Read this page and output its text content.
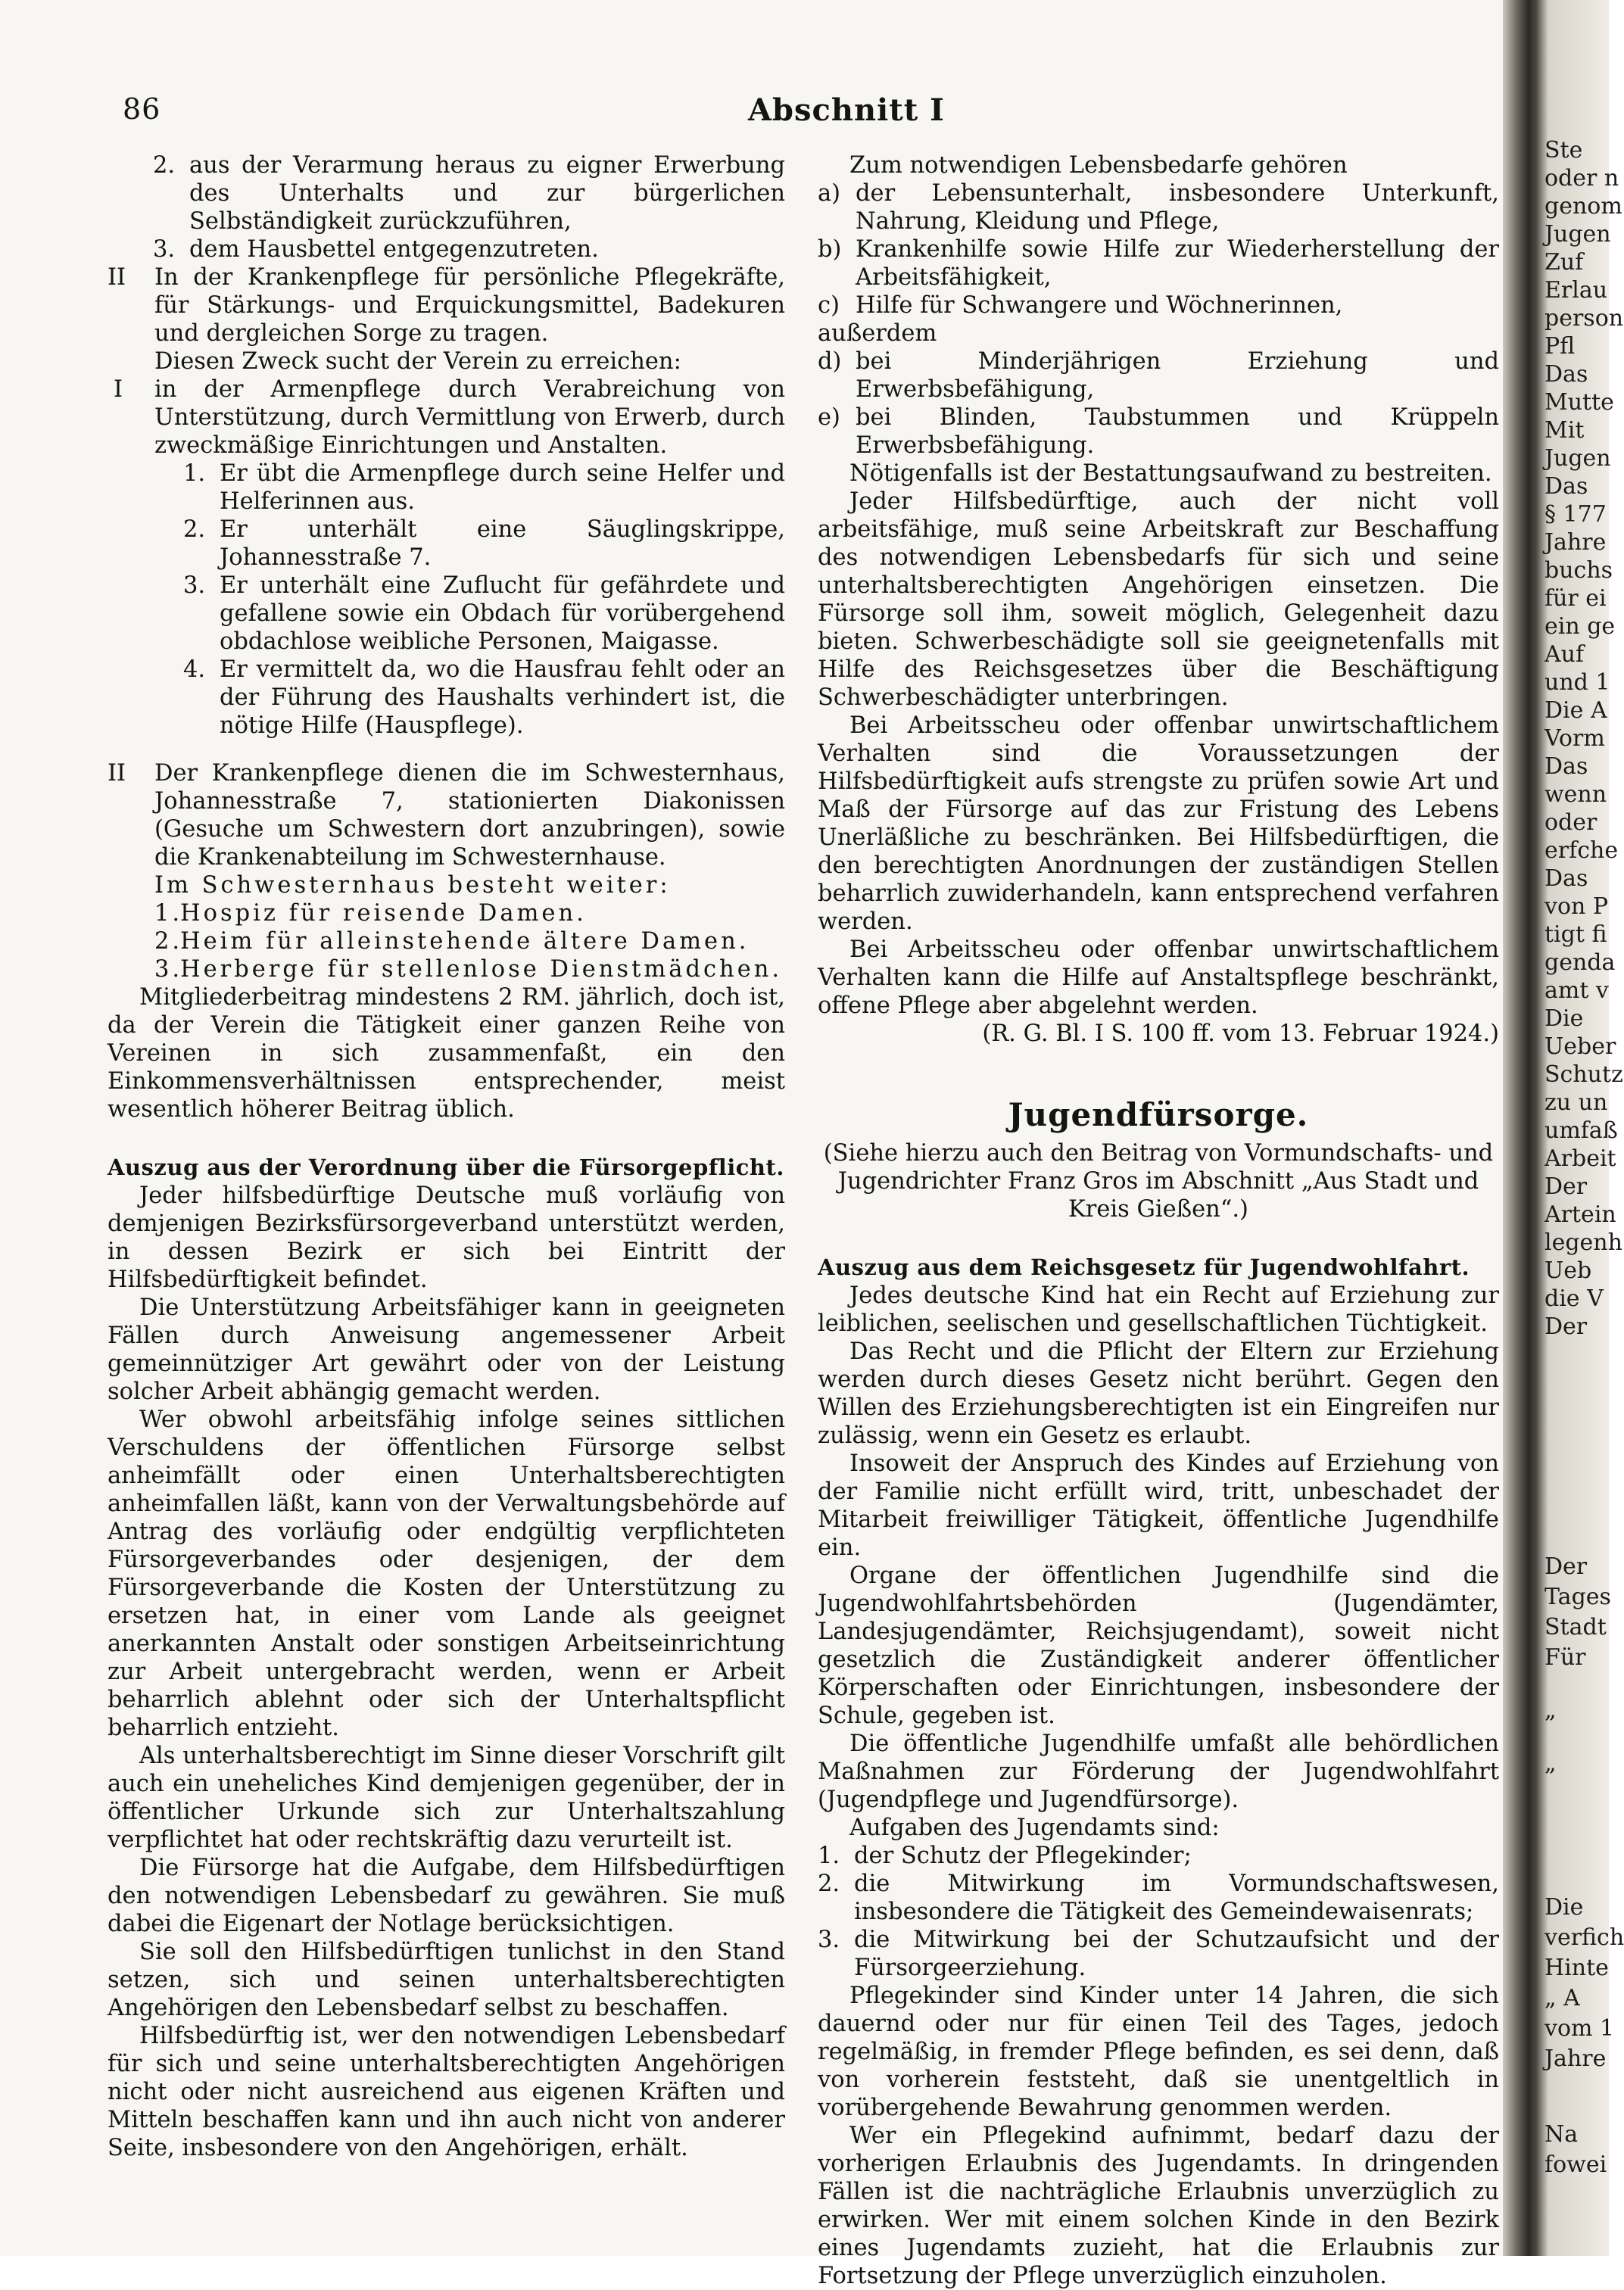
86	Abschnitt I
2. aus der Verarmung heraus zu eigner Erwerbung des Unterhalts und zur bürgerlichen Selbständigkeit zurückzuführen,
3. dem Hausbettel entgegenzutreten.
II	In der Krankenpflege für persönliche Pflegekräfte, für Stärkungs- und Erquickungsmittel, Badekuren und dergleichen Sorge zu tragen.

Diesen Zweck sucht der Verein zu erreichen:

I	in der Armenpflege durch Verabreichung von Unterstützung, durch Vermittlung von Erwerb, durch zweckmäßige Einrichtungen und Anstalten.
1. Er übt die Armenpflege durch seine Helfer und Helferinnen aus.
2. Er unterhält eine Säuglingskrippe, Johannesstraße 7.
3. Er unterhält eine Zuflucht für gefährdete und gefallene sowie ein Obdach für vorübergehend obdachlose weibliche Personen, Maigasse.
4. Er vermittelt da, wo die Hausfrau fehlt oder an der Führung des Haushalts verhindert ist, die nötige Hilfe (Hauspflege).
II	Der Krankenpflege dienen die im Schwesternhaus, Johannesstraße 7, stationierten Diakonissen (Gesuche um Schwestern dort anzubringen), sowie die Krankenabteilung im Schwesternhause.

Im Schwesternhaus besteht weiter:

1.
Hospiz für reisende Damen.
2.
Heim für alleinstehende ältere Damen.
3.
Herberge für stellenlose Dienstmädchen.

Mitgliederbeitrag mindestens 2 RM. jährlich, doch ist, da der Verein die Tätigkeit einer ganzen Reihe von Vereinen in sich zusammenfaßt, ein den Einkommensverhältnissen entsprechender, meist wesentlich höherer Beitrag üblich.

Auszug aus der Verordnung über die Fürsorgepflicht.

Jeder hilfsbedürftige Deutsche muß vorläufig von demjenigen Bezirksfürsorgeverband unterstützt werden, in dessen Bezirk er sich bei Eintritt der Hilfsbedürftigkeit befindet.

Die Unterstützung Arbeitsfähiger kann in geeigneten Fällen durch Anweisung angemessener Arbeit gemeinnütziger Art gewährt oder von der Leistung solcher Arbeit abhängig gemacht werden.

Wer obwohl arbeitsfähig infolge seines sittlichen Verschuldens der öffentlichen Fürsorge selbst anheimfällt oder einen Unterhaltsberechtigten anheimfallen läßt, kann von der Verwaltungsbehörde auf Antrag des vorläufig oder endgültig verpflichteten Fürsorgeverbandes oder desjenigen, der dem Fürsorgeverbande die Kosten der Unterstützung zu ersetzen hat, in einer vom Lande als geeignet anerkannten Anstalt oder sonstigen Arbeitseinrichtung zur Arbeit untergebracht werden, wenn er Arbeit beharrlich ablehnt oder sich der Unterhaltspflicht beharrlich entzieht.

Als unterhaltsberechtigt im Sinne dieser Vorschrift gilt auch ein uneheliches Kind demjenigen gegenüber, der in öffentlicher Urkunde sich zur Unterhaltszahlung verpflichtet hat oder rechtskräftig dazu verurteilt ist.

Die Fürsorge hat die Aufgabe, dem Hilfsbedürftigen den notwendigen Lebensbedarf zu gewähren. Sie muß dabei die Eigenart der Notlage berücksichtigen.

Sie soll den Hilfsbedürftigen tunlichst in den Stand setzen, sich und seinen unterhaltsberechtigten Angehörigen den Lebensbedarf selbst zu beschaffen.

Hilfsbedürftig ist, wer den notwendigen Lebensbedarf für sich und seine unterhaltsberechtigten Angehörigen nicht oder nicht ausreichend aus eigenen Kräften und Mitteln beschaffen kann und ihn auch nicht von anderer Seite, insbesondere von den Angehörigen, erhält.

Zum notwendigen Lebensbedarfe gehören

a) der Lebensunterhalt, insbesondere Unterkunft, Nahrung, Kleidung und Pflege,
b) Krankenhilfe sowie Hilfe zur Wiederherstellung der Arbeitsfähigkeit,
c) Hilfe für Schwangere und Wöchnerinnen,

außerdem

d) bei Minderjährigen Erziehung und Erwerbsbefähigung,
e) bei Blinden, Taubstummen und Krüppeln Erwerbsbefähigung.

Nötigenfalls ist der Bestattungsaufwand zu bestreiten.

Jeder Hilfsbedürftige, auch der nicht voll arbeitsfähige, muß seine Arbeitskraft zur Beschaffung des notwendigen Lebensbedarfs für sich und seine unterhaltsberechtigten Angehörigen einsetzen. Die Fürsorge soll ihm, soweit möglich, Gelegenheit dazu bieten. Schwerbeschädigte soll sie geeignetenfalls mit Hilfe des Reichsgesetzes über die Beschäftigung Schwerbeschädigter unterbringen.

Bei Arbeitsscheu oder offenbar unwirtschaftlichem Verhalten sind die Voraussetzungen der Hilfsbedürftigkeit aufs strengste zu prüfen sowie Art und Maß der Fürsorge auf das zur Fristung des Lebens Unerläßliche zu beschränken. Bei Hilfsbedürftigen, die den berechtigten Anordnungen der zuständigen Stellen beharrlich zuwiderhandeln, kann entsprechend verfahren werden.

Bei Arbeitsscheu oder offenbar unwirtschaftlichem Verhalten kann die Hilfe auf Anstaltspflege beschränkt, offene Pflege aber abgelehnt werden.

(R. G. Bl. I S. 100 ff. vom 13. Februar 1924.)

Jugendfürsorge.

(Siehe hierzu auch den Beitrag von Vormundschafts- und Jugendrichter Franz Gros im Abschnitt „Aus Stadt und Kreis Gießen“.)

Auszug aus dem Reichsgesetz für Jugendwohlfahrt.

Jedes deutsche Kind hat ein Recht auf Erziehung zur leiblichen, seelischen und gesellschaftlichen Tüchtigkeit.

Das Recht und die Pflicht der Eltern zur Erziehung werden durch dieses Gesetz nicht berührt. Gegen den Willen des Erziehungsberechtigten ist ein Eingreifen nur zulässig, wenn ein Gesetz es erlaubt.

Insoweit der Anspruch des Kindes auf Erziehung von der Familie nicht erfüllt wird, tritt, unbeschadet der Mitarbeit freiwilliger Tätigkeit, öffentliche Jugendhilfe ein.

Organe der öffentlichen Jugendhilfe sind die Jugendwohlfahrtsbehörden (Jugendämter, Landesjugendämter, Reichsjugendamt), soweit nicht gesetzlich die Zuständigkeit anderer öffentlicher Körperschaften oder Einrichtungen, insbesondere der Schule, gegeben ist.

Die öffentliche Jugendhilfe umfaßt alle behördlichen Maßnahmen zur Förderung der Jugendwohlfahrt (Jugendpflege und Jugendfürsorge).

Aufgaben des Jugendamts sind:

1. der Schutz der Pflegekinder;
2. die Mitwirkung im Vormundschaftswesen, insbesondere die Tätigkeit des Gemeindewaisenrats;
3. die Mitwirkung bei der Schutzaufsicht und der Fürsorgeerziehung.

Pflegekinder sind Kinder unter 14 Jahren, die sich dauernd oder nur für einen Teil des Tages, jedoch regelmäßig, in fremder Pflege befinden, es sei denn, daß von vorherein feststeht, daß sie unentgeltlich in vorübergehende Bewahrung genommen werden.

Wer ein Pflegekind aufnimmt, bedarf dazu der vorherigen Erlaubnis des Jugendamts. In dringenden Fällen ist die nachträgliche Erlaubnis unverzüglich zu erwirken. Wer mit einem solchen Kinde in den Bezirk eines Jugendamts zuzieht, hat die Erlaubnis zur Fortsetzung der Pflege unverzüglich einzuholen.

Ste
oder n
genom
Jugen
Zuf
Erlau
person
Pfl
Das
Mutte
Mit
Jugen
Das
§ 177
Jahre
buchs
für ei
ein ge
Auf
und 1
Die A
Vorm
Das
wenn
oder
erfche
Das
von P
tigt fi
genda
amt v
Die
Ueber
Schutz
zu un
umfaß
Arbeit
Der
Artein
legenh
Ueb
die V
Der
Der
Tages
Stadt
Für
„
„
Die
verfich
Hinte
„ A
vom 1
Jahre
Na
fowei
